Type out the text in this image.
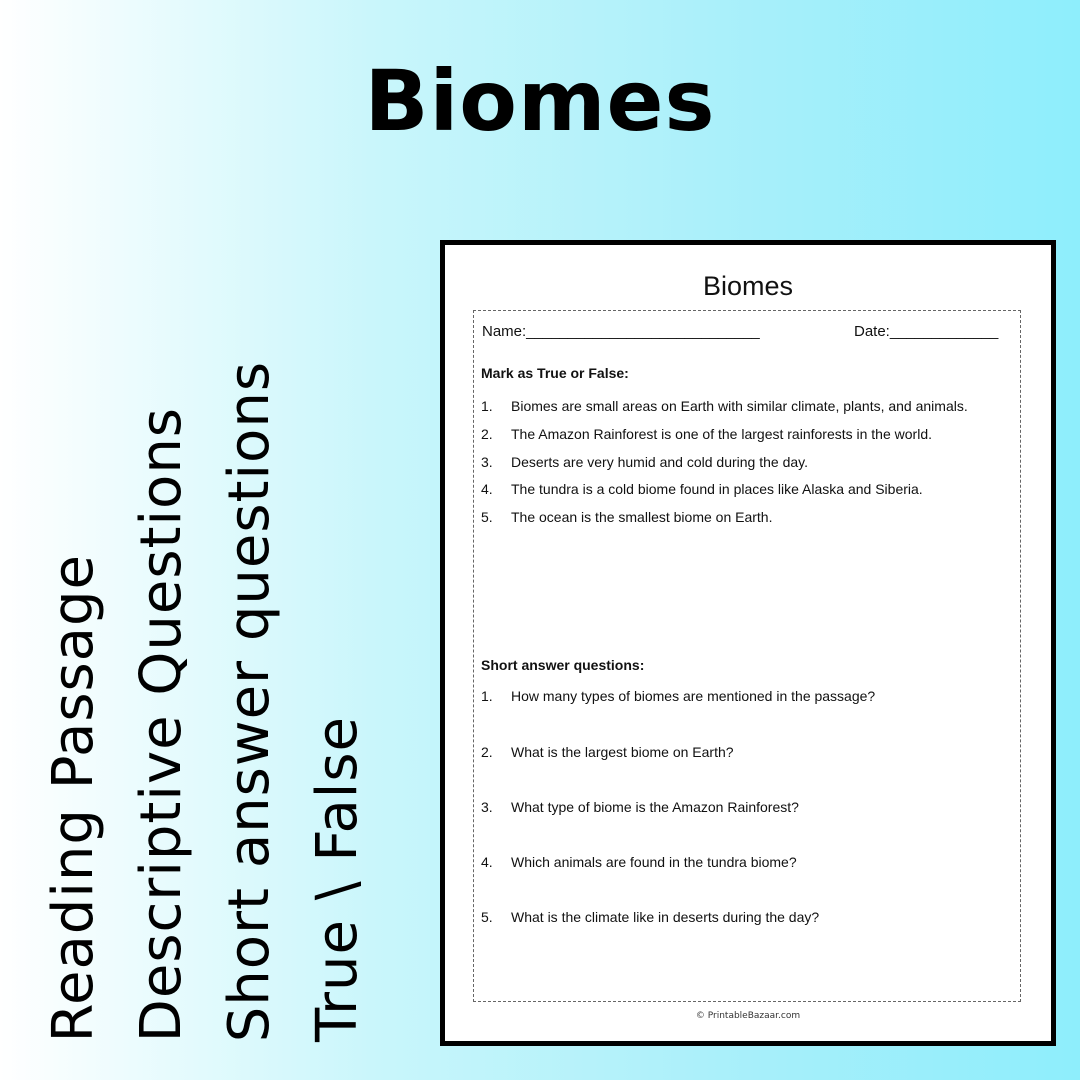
Biomes
Reading Passage Descriptive Questions Short answer questions True \ False
Biomes
Name:____________________________	Date:_____________
Mark as True or False:
1. Biomes are small areas on Earth with similar climate, plants, and animals.
2. The Amazon Rainforest is one of the largest rainforests in the world.
3. Deserts are very humid and cold during the day.
4. The tundra is a cold biome found in places like Alaska and Siberia.
5. The ocean is the smallest biome on Earth.
Short answer questions:
1. How many types of biomes are mentioned in the passage?
2. What is the largest biome on Earth?
3. What type of biome is the Amazon Rainforest?
4. Which animals are found in the tundra biome?
5. What is the climate like in deserts during the day?
© PrintableBazaar.com
